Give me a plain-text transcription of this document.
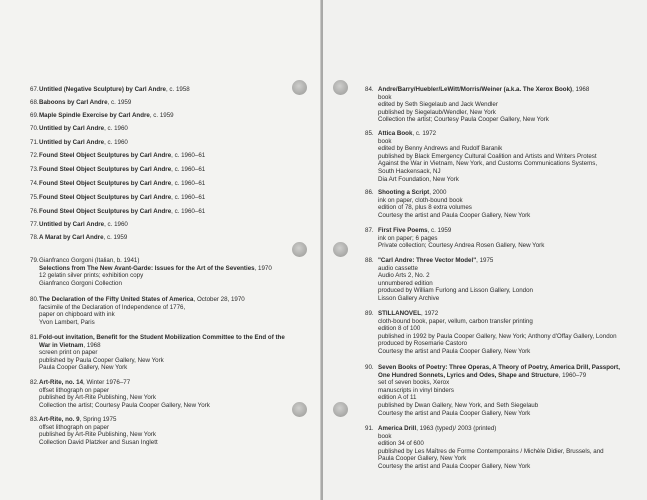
67. Untitled (Negative Sculpture) by Carl Andre, c. 1958
68. Baboons by Carl Andre, c. 1959
69. Maple Spindle Exercise by Carl Andre, c. 1959
70. Untitled by Carl Andre, c. 1960
71. Untitled by Carl Andre, c. 1960
72. Found Steel Object Sculptures by Carl Andre, c. 1960–61
73. Found Steel Object Sculptures by Carl Andre, c. 1960–61
74. Found Steel Object Sculptures by Carl Andre, c. 1960–61
75. Found Steel Object Sculptures by Carl Andre, c. 1960–61
76. Found Steel Object Sculptures by Carl Andre, c. 1960–61
77. Untitled by Carl Andre, c. 1960
78. A Marat by Carl Andre, c. 1959
79. Gianfranco Gorgoni (Italian, b. 1941)
Selections from The New Avant-Garde: Issues for the Art of the Seventies, 1970
12 gelatin silver prints; exhibition copy
Gianfranco Gorgoni Collection
80. The Declaration of the Fifty United States of America, October 28, 1970
facsimile of the Declaration of Independence of 1776,
paper on chipboard with ink
Yvon Lambert, Paris
81. Fold-out invitation, Benefit for the Student Mobilization Committee to the End of the
War in Vietnam, 1968
screen print on paper
published by Paula Cooper Gallery, New York
Paula Cooper Gallery, New York
82. Art-Rite, no. 14, Winter 1976–77
offset lithograph on paper
published by Art-Rite Publishing, New York
Collection the artist; Courtesy Paula Cooper Gallery, New York
83. Art-Rite, no. 9, Spring 1975
offset lithograph on paper
published by Art-Rite Publishing, New York
Collection David Platzker and Susan Inglett
84. Andre/Barry/Huebler/LeWitt/Morris/Weiner (a.k.a. The Xerox Book), 1968
book
edited by Seth Siegelaub and Jack Wendler
published by Siegelaub/Wendler, New York
Collection the artist; Courtesy Paula Cooper Gallery, New York
85. Attica Book, c. 1972
book
edited by Benny Andrews and Rudolf Baranik
published by Black Emergency Cultural Coalition and Artists and Writers Protest
Against the War in Vietnam, New York, and Customs Communications Systems,
South Hackensack, NJ
Dia Art Foundation, New York
86. Shooting a Script, 2000
ink on paper, cloth-bound book
edition of 78, plus 8 extra volumes
Courtesy the artist and Paula Cooper Gallery, New York
87. First Five Poems, c. 1959
ink on paper; 6 pages
Private collection; Courtesy Andrea Rosen Gallery, New York
88. "Carl Andre: Three Vector Model", 1975
audio cassette
Audio Arts 2, No. 2
unnumbered edition
produced by William Furlong and Lisson Gallery, London
Lisson Gallery Archive
89. STILLANOVEL, 1972
cloth-bound book, paper, vellum, carbon transfer printing
edition 8 of 100
published in 1992 by Paula Cooper Gallery, New York; Anthony d'Offay Gallery, London
produced by Rosemarie Castoro
Courtesy the artist and Paula Cooper Gallery, New York
90. Seven Books of Poetry: Three Operas, A Theory of Poetry, America Drill, Passport,
One Hundred Sonnets, Lyrics and Odes, Shape and Structure, 1960–79
set of seven books, Xerox
manuscripts in vinyl binders
edition A of 11
published by Dwan Gallery, New York, and Seth Siegelaub
Courtesy the artist and Paula Cooper Gallery, New York
91. America Drill, 1963 (typed)/ 2003 (printed)
book
edition 34 of 600
published by Les Maîtres de Forme Contemporains / Michèle Didier, Brussels, and
Paula Cooper Gallery, New York
Courtesy the artist and Paula Cooper Gallery, New York
